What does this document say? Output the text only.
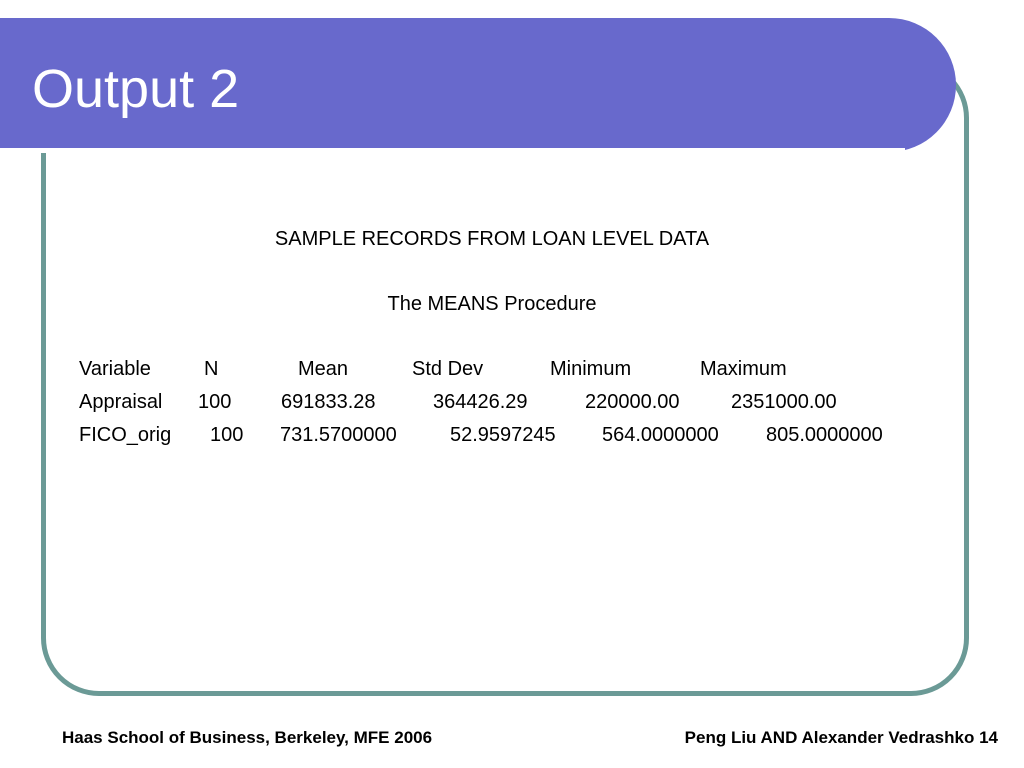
Output 2
SAMPLE RECORDS FROM LOAN LEVEL DATA
The MEANS Procedure
Variable	N	Mean	Std Dev	Minimum	Maximum
Appraisal 100 691833.28	364426.29	220000.00	2351000.00
FICO_orig 100 731.5700000	52.9597245 564.0000000 805.0000000
Haas School of Business, Berkeley, MFE 2006	Peng Liu AND Alexander Vedrashko 14
